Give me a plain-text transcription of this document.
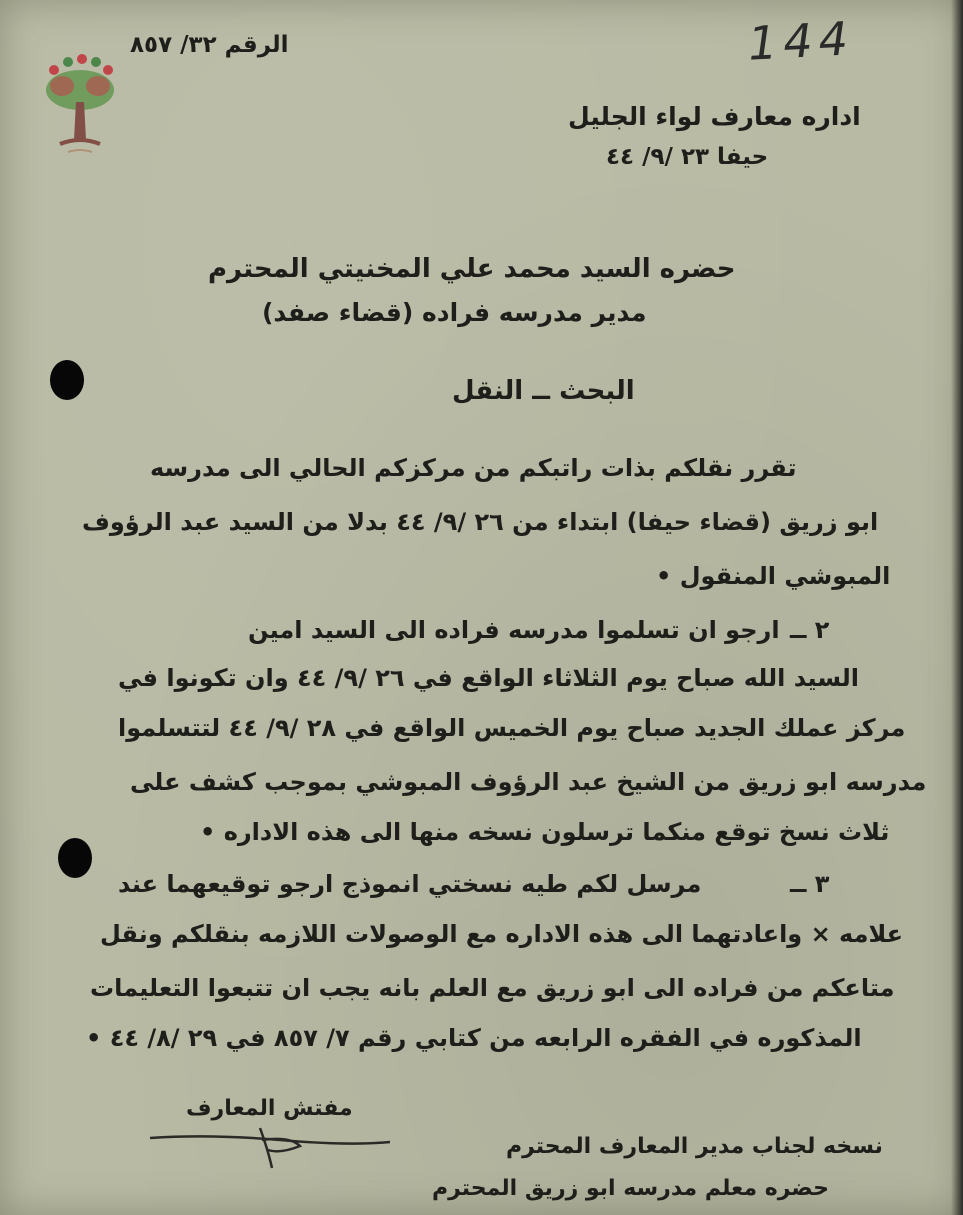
144
الرقم ٣٢/ ٨٥٧
اداره معارف لواء الجليل
حيفا ٢٣ /٩/ ٤٤
حضره السيد محمد علي المخنيتي المحترم
مدير مدرسه فراده (قضاء صفد)
البحث ــ النقل
تقرر نقلكم بذات راتبكم من مركزكم الحالي الى مدرسه
ابو زريق (قضاء حيفا) ابتداء من ٢٦ /٩/ ٤٤ بدلا من السيد عبد الرؤوف
المبوشي المنقول •
٢ ــ
ارجو ان تسلموا مدرسه فراده الى السيد امين
السيد الله صباح يوم الثلاثاء الواقع في ٢٦ /٩/ ٤٤ وان تكونوا في
مركز عملك الجديد صباح يوم الخميس الواقع في ٢٨ /٩/ ٤٤ لتتسلموا
مدرسه ابو زريق من الشيخ عبد الرؤوف المبوشي بموجب كشف على
ثلاث نسخ توقع منكما ترسلون نسخه منها الى هذه الاداره •
٣ ــ
مرسل لكم طيه نسختي انموذج ارجو توقيعهما عند
علامه × واعادتهما الى هذه الاداره مع الوصولات اللازمه بنقلكم ونقل
متاعكم من فراده الى ابو زريق مع العلم بانه يجب ان تتبعوا التعليمات
المذكوره في الفقره الرابعه من كتابي رقم ٧/ ٨٥٧ في ٢٩ /٨/ ٤٤ •
مفتش المعارف
نسخه لجناب مدير المعارف المحترم
حضره معلم مدرسه ابو زريق المحترم
